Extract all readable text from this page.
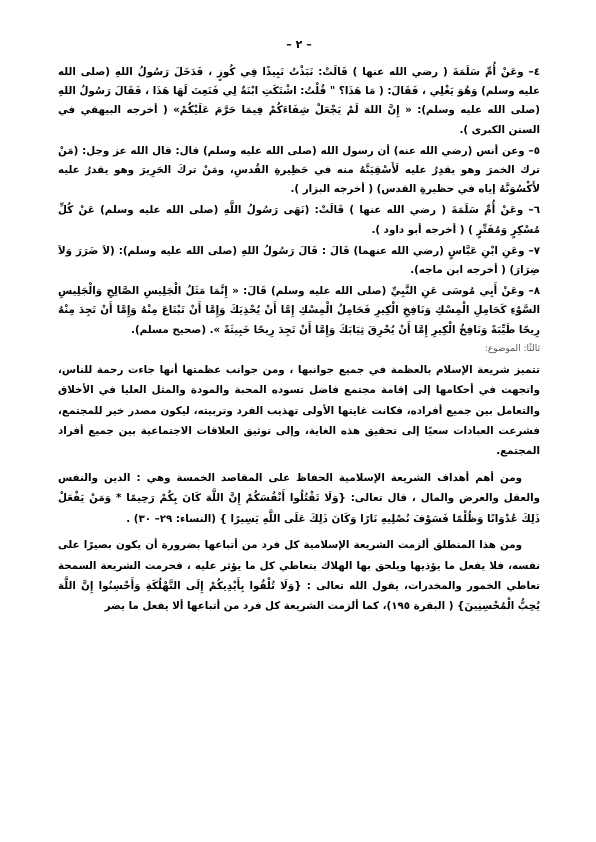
– ٢ –

٤– وعَنْ أُمِّ سَلَمَةَ ( رضي الله عنها ) قَالَتْ: نَبَذْتُ نَبِيذًا فِي كُوزٍ ، فَدَخَلَ رَسُولُ اللهِ (صلى الله عليه وسلم) وَهُوَ يَغْلِي ، فَقَالَ: ( مَا هَذَا؟ " قُلْتُ: اشْتَكَتِ ابْنَةٌ لِي فَنَعِتَ لَهَا هَذَا ، فَقَالَ رَسُولُ اللهِ (صلى الله عليه وسلم): « إِنَّ اللهَ لَمْ يَجْعَلْ شِفَاءَكُمْ فِيمَا حَرَّمَ عَلَيْكُمْ» ( أخرجه البيهقي في السنن الكبرى ).

٥– وعن أنس (رضي الله عنه) أن رسول الله (صلى الله عليه وسلم) قال: قال الله عز وجل: (مَنْ ترك الخمرَ وهو يقدِرُ عليه لَأَسْقِيَنَّهُ منه في حَظِيرةِ القُدسِ، ومَنْ تركَ الحَرِيرَ وهو يقدرُ عليه لأَكْسُوَنَّهُ إياه في حظيرةِ القدس) ( أخرجه البزار ).

٦– وعَنْ أُمِّ سَلَمَةَ ( رضي الله عنها ) قَالَتْ: (نَهَى رَسُولُ اللَّهِ (صلى الله عليه وسلم) عَنْ كُلِّ مُسْكِرٍ وَمُفَتِّرٍ ) ( أخرجه أبو داود ).

٧– وعَنِ ابْنِ عَبَّاسٍ (رضي الله عنهما) قَالَ : قَالَ رَسُولُ اللهِ (صلى الله عليه وسلم): (لاَ ضَرَرَ وَلاَ ضِرَارَ) ( أخرجه ابن ماجه).

٨– وعَنْ أَبِي مُوسَى عَنِ النَّبِيِّ (صلى الله عليه وسلم) قَالَ: « إِنَّمَا مَثَلُ الْجَلِيسِ الصَّالِحِ وَالْجَلِيسِ السَّوْءِ كَحَامِلِ الْمِسْكِ وَنَافِخِ الْكِيرِ فَحَامِلُ الْمِسْكِ إِمَّا أَنْ يُحْذِيَكَ وَإِمَّا أَنْ تَبْتَاعَ مِنْهُ وَإِمَّا أَنْ تَجِدَ مِنْهُ رِيحًا طَيِّبَةً وَنَافِخُ الْكِيرِ إِمَّا أَنْ يُحْرِقَ ثِيَابَكَ وَإِمَّا أَنْ تَجِدَ رِيحًا خَبِيثَةً ». (صحيح مسلم).

ثالثًا: الموضوع:

تتميز شريعة الإسلام بالعظمة في جميع جوانبها ، ومن جوانب عظمتها أنها جاءت رحمة للناس، واتجهت في أحكامها إلى إقامة مجتمع فاضل تسوده المحبة والمودة والمثل العليا في الأخلاق والتعامل بين جميع أفراده، فكانت غايتها الأولى تهذيب الفرد وتربيته، ليكون مصدر خير للمجتمع، فشرعت العبادات سعيًا إلى تحقيق هذه الغاية، وإلى توثيق العلاقات الاجتماعية بين جميع أفراد المجتمع.

ومن أهم أهداف الشريعة الإسلامية الحفاظ على المقاصد الخمسة وهي : الدين والنفس والعقل والعرض والمال ، قال تعالى: {وَلَا تَقْتُلُوا أَنْفُسَكُمْ إِنَّ اللَّهَ كَانَ بِكُمْ رَحِيمًا * وَمَنْ يَفْعَلْ ذَلِكَ عُدْوَانًا وَظُلْمًا فَسَوْفَ نُصْلِيهِ نَارًا وَكَانَ ذَلِكَ عَلَى اللَّهِ يَسِيرًا } (النساء: ٢٩– ٣٠) .

ومن هذا المنطلق ألزمت الشريعة الإسلامية كل فرد من أتباعها بضرورة أن يكون بصيرًا على نفسه، فلا يفعل ما يؤذيها ويلحق بها الهلاك بتعاطي كل ما يؤثر عليه ، فحرمت الشريعة السمحة تعاطي الخمور والمخدرات، يقول الله تعالى : {وَلَا تُلْقُوا بِأَيْدِيكُمْ إِلَى التَّهْلُكَةِ وَأَحْسِنُوا إِنَّ اللَّهَ يُحِبُّ الْمُحْسِنِينَ} ( البقرة ١٩٥)، كما ألزمت الشريعة كل فرد من أتباعها ألا يفعل ما يضر
